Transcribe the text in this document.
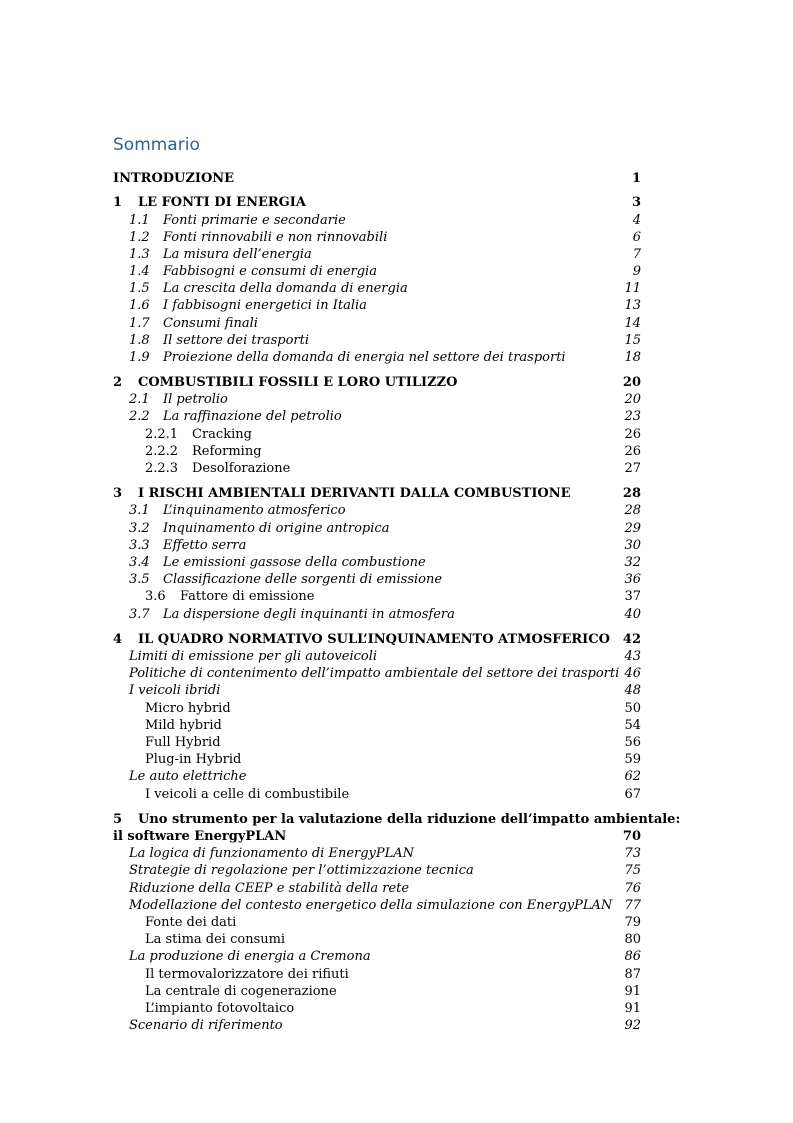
Sommario
INTRODUZIONE	1
1 LE FONTI DI ENERGIA	3
1.1 Fonti primarie e secondarie	4
1.2 Fonti rinnovabili e non rinnovabili	6
1.3 La misura dell’energia	7
1.4 Fabbisogni e consumi di energia	9
1.5 La crescita della domanda di energia	11
1.6 I fabbisogni energetici in Italia	13
1.7 Consumi finali	14
1.8 Il settore dei trasporti	15
1.9 Proiezione della domanda di energia nel settore dei trasporti	18
2 COMBUSTIBILI FOSSILI E LORO UTILIZZO	20
2.1 Il petrolio	20
2.2 La raffinazione del petrolio	23
2.2.1 Cracking	26
2.2.2 Reforming	26
2.2.3 Desolforazione	27
3 I RISCHI AMBIENTALI DERIVANTI DALLA COMBUSTIONE	28
3.1 L’inquinamento atmosferico	28
3.2 Inquinamento di origine antropica	29
3.3 Effetto serra	30
3.4 Le emissioni gassose della combustione	32
3.5 Classificazione delle sorgenti di emissione	36
3.6 Fattore di emissione	37
3.7 La dispersione degli inquinanti in atmosfera	40
4 IL QUADRO NORMATIVO SULL’INQUINAMENTO ATMOSFERICO 42
Limiti di emissione per gli autoveicoli	43
Politiche di contenimento dell’impatto ambientale del settore dei trasporti 46
I veicoli ibridi	48
Micro hybrid	50
Mild hybrid	54
Full Hybrid	56
Plug-in Hybrid	59
Le auto elettriche	62
I veicoli a celle di combustibile	67
5 Uno strumento per la valutazione della riduzione dell’impatto ambientale:
il software EnergyPLAN	70
La logica di funzionamento di EnergyPLAN	73
Strategie di regolazione per l’ottimizzazione tecnica	75
Riduzione della CEEP e stabilità della rete	76
Modellazione del contesto energetico della simulazione con EnergyPLAN 77
Fonte dei dati	79
La stima dei consumi	80
La produzione di energia a Cremona	86
Il termovalorizzatore dei rifiuti	87
La centrale di cogenerazione	91
L’impianto fotovoltaico	91
Scenario di riferimento	92
